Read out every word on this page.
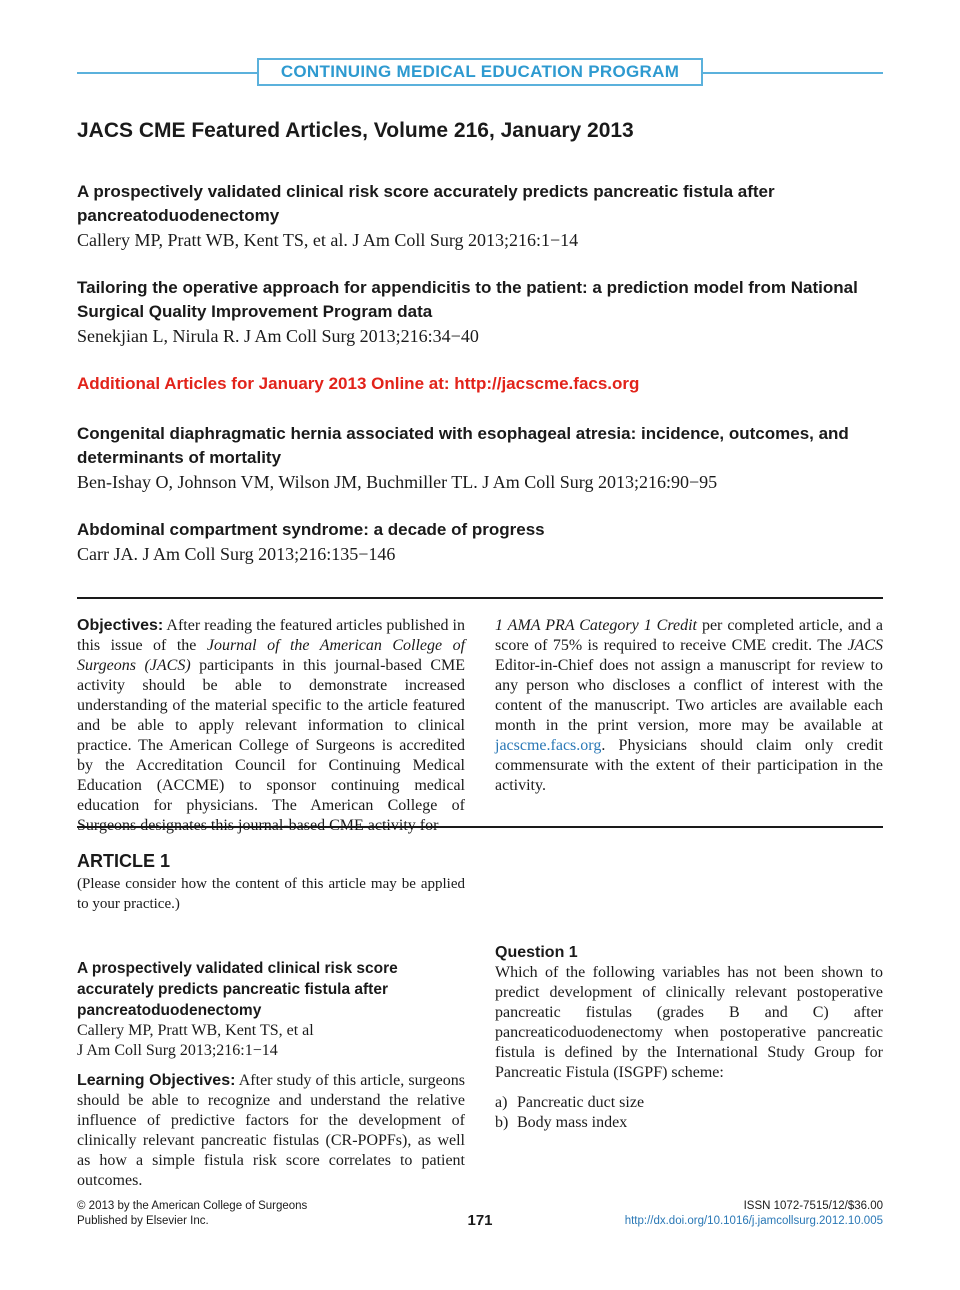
CONTINUING MEDICAL EDUCATION PROGRAM
JACS CME Featured Articles, Volume 216, January 2013

A prospectively validated clinical risk score accurately predicts pancreatic fistula after pancreatoduodenectomy

Callery MP, Pratt WB, Kent TS, et al. J Am Coll Surg 2013;216:1−14

Tailoring the operative approach for appendicitis to the patient: a prediction model from National Surgical Quality Improvement Program data

Senekjian L, Nirula R. J Am Coll Surg 2013;216:34−40

Additional Articles for January 2013 Online at: http://jacscme.facs.org

Congenital diaphragmatic hernia associated with esophageal atresia: incidence, outcomes, and determinants of mortality

Ben-Ishay O, Johnson VM, Wilson JM, Buchmiller TL. J Am Coll Surg 2013;216:90−95

Abdominal compartment syndrome: a decade of progress

Carr JA. J Am Coll Surg 2013;216:135−146

Objectives: After reading the featured articles published in this issue of the Journal of the American College of Surgeons (JACS) participants in this journal-based CME activity should be able to demonstrate increased understanding of the material specific to the article featured and be able to apply relevant information to clinical practice. The American College of Surgeons is accredited by the Accreditation Council for Continuing Medical Education (ACCME) to sponsor continuing medical education for physicians. The American College of

1 AMA PRA Category 1 Credit per completed article, and a score of 75% is required to receive CME credit. The JACS Editor-in-Chief does not assign a manuscript for review to any person who discloses a conflict of interest with the content of the manuscript. Two articles are available each month in the print version, more may be available at jacscme.facs.org. Physicians should claim only credit commensurate with the extent of their participation in the activity.

ARTICLE 1

(Please consider how the content of this article may be applied to your practice.)

A prospectively validated clinical risk score accurately predicts pancreatic fistula after pancreatoduodenectomy

Callery MP, Pratt WB, Kent TS, et al

J Am Coll Surg 2013;216:1−14

Learning Objectives: After study of this article, surgeons should be able to recognize and understand the relative influence of predictive factors for the development of clinically relevant pancreatic fistulas (CR-POPFs), as well as how a simple fistula risk score correlates to patient outcomes.

Question 1

Which of the following variables has not been shown to predict development of clinically relevant postoperative pancreatic fistulas (grades B and C) after pancreaticoduodenectomy when postoperative pancreatic fistula is defined by the International Study Group for Pancreatic Fistula (ISGPF) scheme:

a) Pancreatic duct size
b) Body mass index
© 2013 by the American College of Surgeons
Published by Elsevier Inc.	171
ISSN 1072-7515/12/$36.00
http://dx.doi.org/10.1016/j.jamcollsurg.2012.10.005
